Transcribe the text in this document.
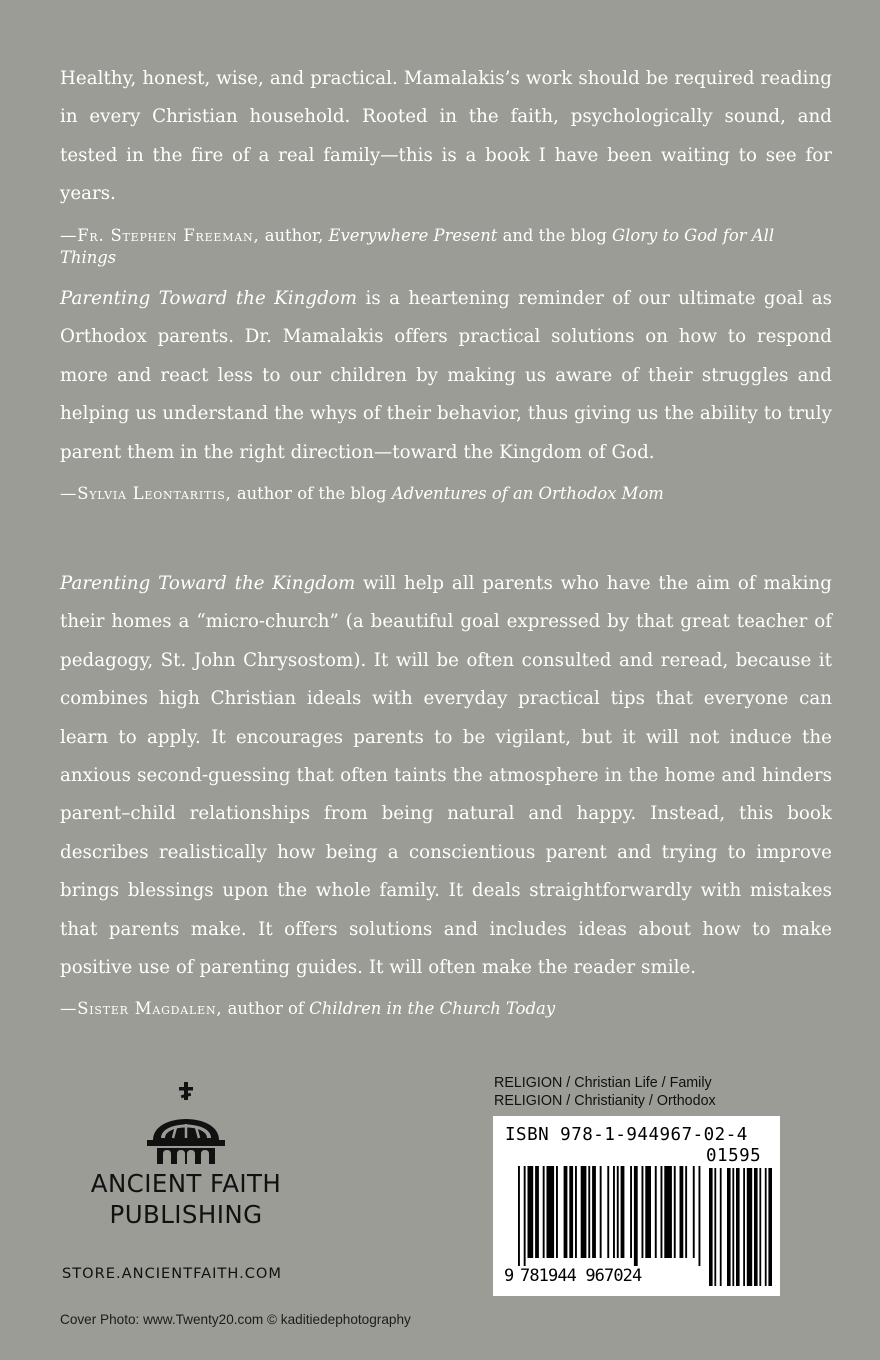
Healthy, honest, wise, and practical. Mamalakis’s work should be required reading in every Christian household. Rooted in the faith, psychologically sound, and tested in the fire of a real family—this is a book I have been waiting to see for years.

—Fr. Stephen Freeman, author, Everywhere Present and the blog Glory to God for All Things

Parenting Toward the Kingdom is a heartening reminder of our ultimate goal as Orthodox parents. Dr. Mamalakis offers practical solutions on how to respond more and react less to our children by making us aware of their struggles and helping us understand the whys of their behavior, thus giving us the ability to truly parent them in the right direction—toward the Kingdom of God.

—Sylvia Leontaritis, author of the blog Adventures of an Orthodox Mom

Parenting Toward the Kingdom will help all parents who have the aim of making their homes a “micro-church” (a beautiful goal expressed by that great teacher of pedagogy, St. John Chrysostom). It will be often consulted and reread, because it combines high Christian ideals with everyday practical tips that everyone can learn to apply. It encourages parents to be vigilant, but it will not induce the anxious second-guessing that often taints the atmosphere in the home and hinders parent–child relationships from being natural and happy. Instead, this book describes realistically how being a conscientious parent and trying to improve brings blessings upon the whole family. It deals straightforwardly with mistakes that parents make. It offers solutions and includes ideas about how to make positive use of parenting guides. It will often make the reader smile.

—Sister Magdalen, author of Children in the Church Today

ANCIENT FAITH
PUBLISHING
STORE.ANCIENTFAITH.COM
Cover Photo: www.Twenty20.com © kaditiedephotography
RELIGION / Christian Life / Family
RELIGION / Christianity / Orthodox
ISBN 978-1-944967-02-4
01595
9 781944 967024
